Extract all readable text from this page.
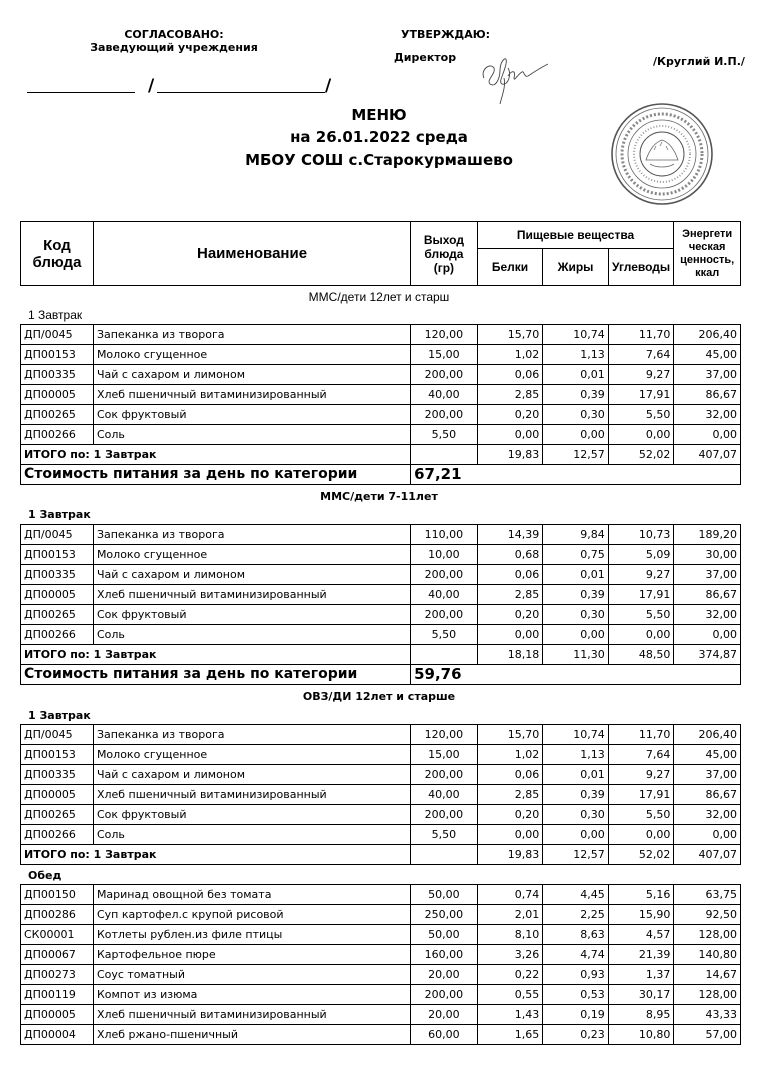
СОГЛАСОВАНО:
Заведующий учреждения
/	/
УТВЕРЖДАЮ:
Директор	/Круглий И.П./
МЕНЮ
на 26.01.2022 среда
МБОУ СОШ с.Старокурмашево
Код блюда	Наименование	Выход блюда (гр)	Пищевые вещества			Энергети ческая ценность, ккал
			Белки	Жиры	Углеводы	
ММС/дети 12лет и старш
1 Завтрак
ДП/0045	Запеканка из творога	120,00	15,70	10,74	11,70	206,40
ДП00153	Молоко сгущенное	15,00	1,02	1,13	7,64	45,00
ДП00335	Чай с сахаром и лимоном	200,00	0,06	0,01	9,27	37,00
ДП00005	Хлеб пшеничный витаминизированный	40,00	2,85	0,39	17,91	86,67
ДП00265	Сок фруктовый	200,00	0,20	0,30	5,50	32,00
ДП00266	Соль	5,50	0,00	0,00	0,00	0,00
ИТОГО по: 1 Завтрак			19,83	12,57	52,02	407,07
Стоимость питания за день по категории		67,21				
ММС/дети 7-11лет
1 Завтрак
ДП/0045	Запеканка из творога	110,00	14,39	9,84	10,73	189,20
ДП00153	Молоко сгущенное	10,00	0,68	0,75	5,09	30,00
ДП00335	Чай с сахаром и лимоном	200,00	0,06	0,01	9,27	37,00
ДП00005	Хлеб пшеничный витаминизированный	40,00	2,85	0,39	17,91	86,67
ДП00265	Сок фруктовый	200,00	0,20	0,30	5,50	32,00
ДП00266	Соль	5,50	0,00	0,00	0,00	0,00
ИТОГО по: 1 Завтрак			18,18	11,30	48,50	374,87
Стоимость питания за день по категории		59,76				
ОВЗ/ДИ 12лет и старше
1 Завтрак
ДП/0045	Запеканка из творога	120,00	15,70	10,74	11,70	206,40
ДП00153	Молоко сгущенное	15,00	1,02	1,13	7,64	45,00
ДП00335	Чай с сахаром и лимоном	200,00	0,06	0,01	9,27	37,00
ДП00005	Хлеб пшеничный витаминизированный	40,00	2,85	0,39	17,91	86,67
ДП00265	Сок фруктовый	200,00	0,20	0,30	5,50	32,00
ДП00266	Соль	5,50	0,00	0,00	0,00	0,00
ИТОГО по: 1 Завтрак			19,83	12,57	52,02	407,07
Обед
ДП00150	Маринад овощной без томата	50,00	0,74	4,45	5,16	63,75
ДП00286	Суп картофел.с крупой рисовой	250,00	2,01	2,25	15,90	92,50
СК00001	Котлеты рублен.из филе птицы	50,00	8,10	8,63	4,57	128,00
ДП00067	Картофельное пюре	160,00	3,26	4,74	21,39	140,80
ДП00273	Соус томатный	20,00	0,22	0,93	1,37	14,67
ДП00119	Компот из изюма	200,00	0,55	0,53	30,17	128,00
ДП00005	Хлеб пшеничный витаминизированный	20,00	1,43	0,19	8,95	43,33
ДП00004	Хлеб ржано-пшеничный	60,00	1,65	0,23	10,80	57,00
